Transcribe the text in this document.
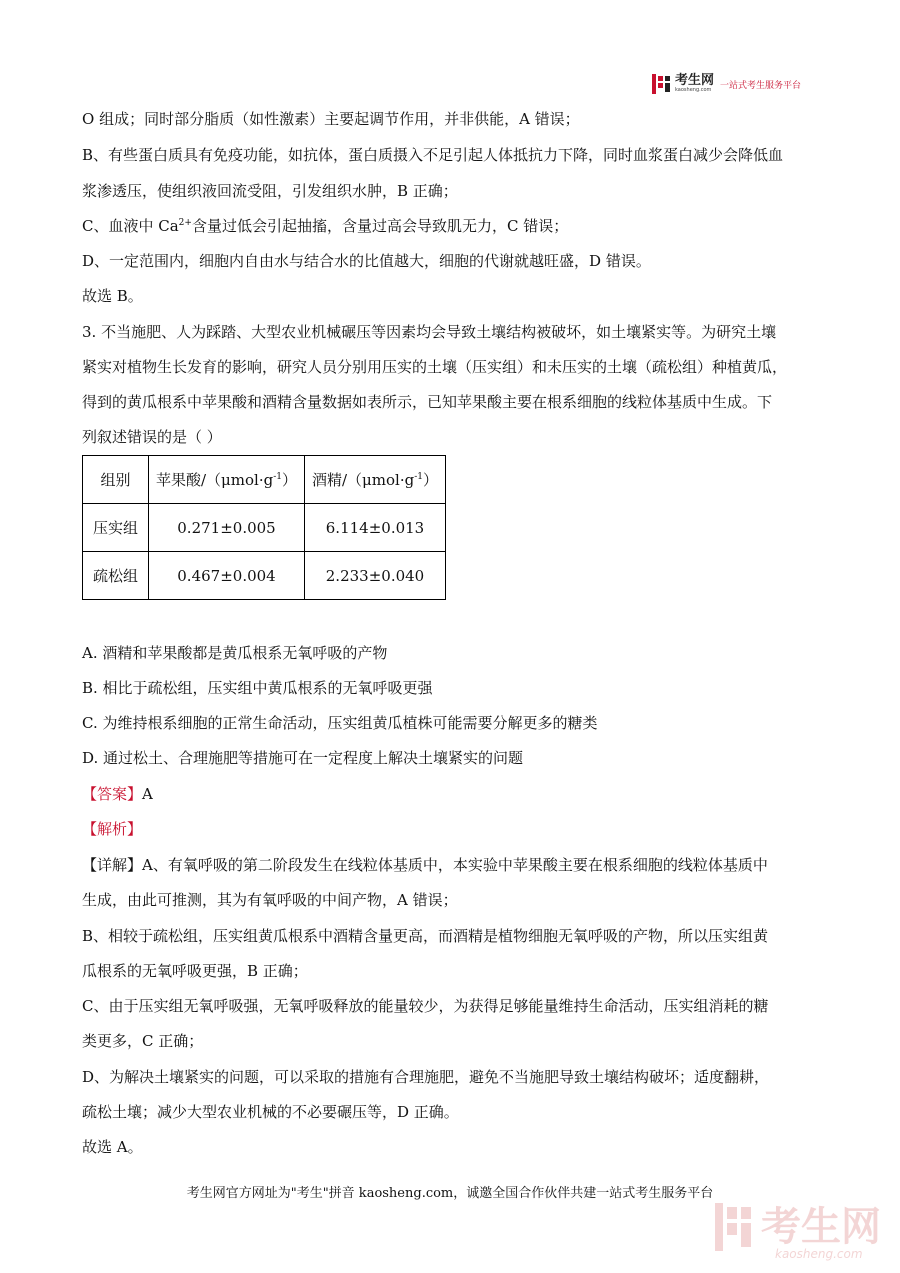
考生网
kaosheng.com 一站式考生服务平台
O 组成；同时部分脂质（如性激素）主要起调节作用，并非供能，A 错误；
B、有些蛋白质具有免疫功能，如抗体，蛋白质摄入不足引起人体抵抗力下降，同时血浆蛋白减少会降低血
浆渗透压，使组织液回流受阻，引发组织水肿，B 正确；
C、血液中 $Ca^{2+}$含量过低会引起抽搐，含量过高会导致肌无力，C 错误；
D、一定范围内，细胞内自由水与结合水的比值越大，细胞的代谢就越旺盛，D 错误。
故选 B。
3. 不当施肥、人为踩踏、大型农业机械碾压等因素均会导致土壤结构被破坏，如土壤紧实等。为研究土壤
紧实对植物生长发育的影响，研究人员分别用压实的土壤（压实组）和未压实的土壤（疏松组）种植黄瓜，
得到的黄瓜根系中苹果酸和酒精含量数据如表所示，已知苹果酸主要在根系细胞的线粒体基质中生成。下
列叙述错误的是（ ）
组别	苹果酸$/(\mu mol\cdot g^{-1})$	酒精$/(\mu mol\cdot g^{-1})$
压实组	0.271±0.005	6.114±0.013
疏松组	0.467±0.004	2.233±0.040
A. 酒精和苹果酸都是黄瓜根系无氧呼吸的产物
B. 相比于疏松组，压实组中黄瓜根系的无氧呼吸更强
C. 为维持根系细胞的正常生命活动，压实组黄瓜植株可能需要分解更多的糖类
D. 通过松土、合理施肥等措施可在一定程度上解决土壤紧实的问题
【答案】A
【解析】
【详解】A、有氧呼吸的第二阶段发生在线粒体基质中，本实验中苹果酸主要在根系细胞的线粒体基质中
生成，由此可推测，其为有氧呼吸的中间产物，A 错误；
B、相较于疏松组，压实组黄瓜根系中酒精含量更高，而酒精是植物细胞无氧呼吸的产物，所以压实组黄
瓜根系的无氧呼吸更强，B 正确；
C、由于压实组无氧呼吸强，无氧呼吸释放的能量较少，为获得足够能量维持生命活动，压实组消耗的糖
类更多，C 正确；
D、为解决土壤紧实的问题，可以采取的措施有合理施肥，避免不当施肥导致土壤结构破坏；适度翻耕，
疏松土壤；减少大型农业机械的不必要碾压等，D 正确。
故选 A。
考生网官方网址为"考生"拼音 kaosheng.com，诚邀全国合作伙伴共建一站式考生服务平台
考生网
kaosheng.com
